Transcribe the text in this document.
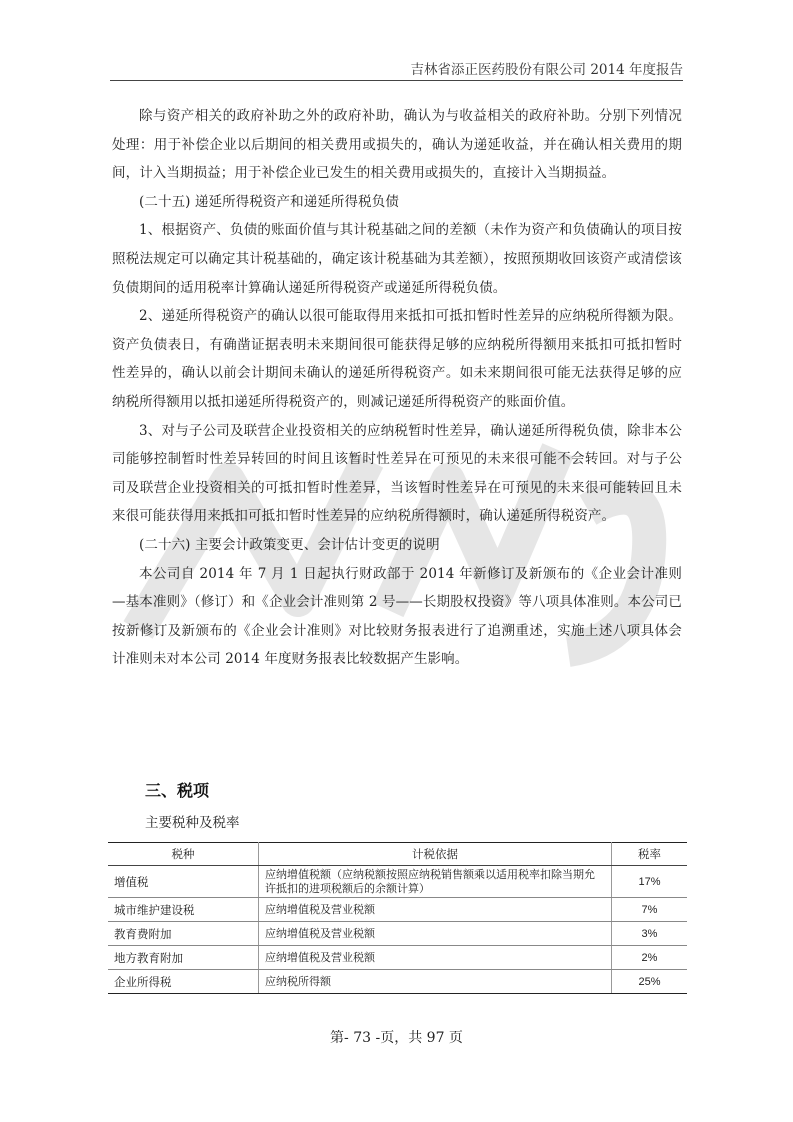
吉林省添正医药股份有限公司 2014 年度报告

除与资产相关的政府补助之外的政府补助，确认为与收益相关的政府补助。分别下列情况处理：用于补偿企业以后期间的相关费用或损失的，确认为递延收益，并在确认相关费用的期间，计入当期损益；用于补偿企业已发生的相关费用或损失的，直接计入当期损益。

(二十五) 递延所得税资产和递延所得税负债

1、根据资产、负债的账面价值与其计税基础之间的差额（未作为资产和负债确认的项目按照税法规定可以确定其计税基础的，确定该计税基础为其差额），按照预期收回该资产或清偿该负债期间的适用税率计算确认递延所得税资产或递延所得税负债。

2、递延所得税资产的确认以很可能取得用来抵扣可抵扣暂时性差异的应纳税所得额为限。资产负债表日，有确凿证据表明未来期间很可能获得足够的应纳税所得额用来抵扣可抵扣暂时性差异的，确认以前会计期间未确认的递延所得税资产。如未来期间很可能无法获得足够的应纳税所得额用以抵扣递延所得税资产的，则减记递延所得税资产的账面价值。

3、对与子公司及联营企业投资相关的应纳税暂时性差异，确认递延所得税负债，除非本公司能够控制暂时性差异转回的时间且该暂时性差异在可预见的未来很可能不会转回。对与子公司及联营企业投资相关的可抵扣暂时性差异，当该暂时性差异在可预见的未来很可能转回且未来很可能获得用来抵扣可抵扣暂时性差异的应纳税所得额时，确认递延所得税资产。

(二十六) 主要会计政策变更、会计估计变更的说明

本公司自 2014 年 7 月 1 日起执行财政部于 2014 年新修订及新颁布的《企业会计准则—基本准则》（修订）和《企业会计准则第 2 号——长期股权投资》等八项具体准则。本公司已按新修订及新颁布的《企业会计准则》对比较财务报表进行了追溯重述，实施上述八项具体会计准则未对本公司 2014 年度财务报表比较数据产生影响。

三、税项
主要税种及税率
税种	计税依据	税率
增值税	应纳增值税额（应纳税额按照应纳税销售额乘以适用税率扣除当期允许抵扣的进项税额后的余额计算）	17%
城市维护建设税	应纳增值税及营业税额	7%
教育费附加	应纳增值税及营业税额	3%
地方教育附加	应纳增值税及营业税额	2%
企业所得税	应纳税所得额	25%
第- 73 -页，共 97 页
